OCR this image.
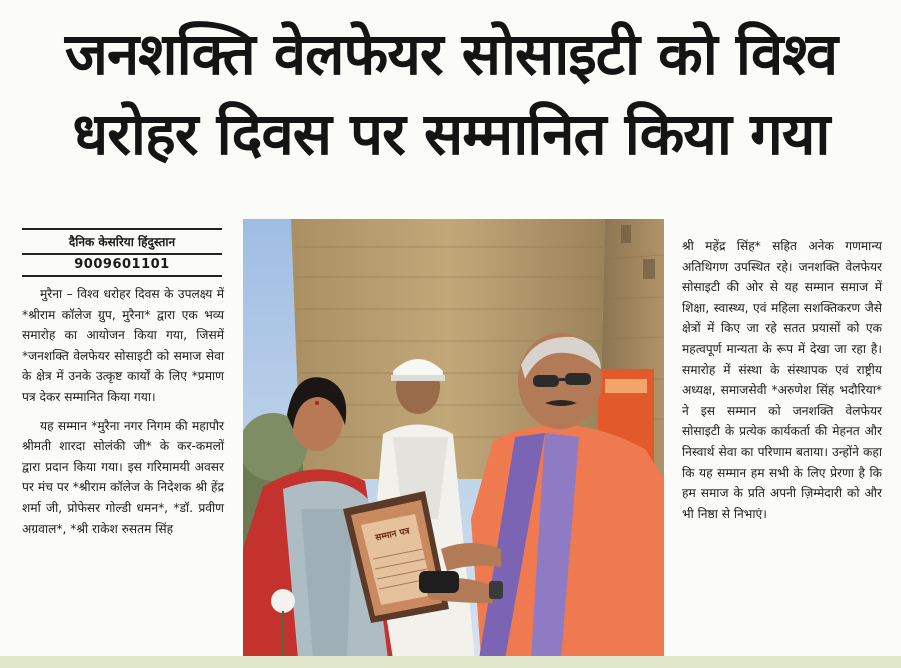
जनशक्ति वेलफेयर सोसाइटी को विश्व
धरोहर दिवस पर सम्मानित किया गया
दैनिक केसरिया हिंदुस्तान
9009601101

मुरैना – विश्व धरोहर दिवस के उपलक्ष्य में *श्रीराम कॉलेज ग्रुप, मुरैना* द्वारा एक भव्य समारोह का आयोजन किया गया, जिसमें *जनशक्ति वेलफेयर सोसाइटी को समाज सेवा के क्षेत्र में उनके उत्कृष्ट कार्यों के लिए *प्रमाण पत्र देकर सम्मानित किया गया।

यह सम्मान *मुरैना नगर निगम की महापौर श्रीमती शारदा सोलंकी जी* के कर-कमलों द्वारा प्रदान किया गया। इस गरिमामयी अवसर पर मंच पर *श्रीराम कॉलेज के निदेशक श्री हेंद्र शर्मा जी, प्रोफेसर गोल्डी धमन*, *डॉ. प्रवीण अग्रवाल*, *श्री राकेश रुसतम सिंह	सम्मान पत्र

श्री महेंद्र सिंह* सहित अनेक गणमान्य अतिथिगण उपस्थित रहे। जनशक्ति वेलफेयर सोसाइटी की ओर से यह सम्मान समाज में शिक्षा, स्वास्थ्य, एवं महिला सशक्तिकरण जैसे क्षेत्रों में किए जा रहे सतत प्रयासों को एक महत्वपूर्ण मान्यता के रूप में देखा जा रहा है। समारोह में संस्था के संस्थापक एवं राष्ट्रीय अध्यक्ष, समाजसेवी *अरुणेश सिंह भदौरिया* ने इस सम्मान को जनशक्ति वेलफेयर सोसाइटी के प्रत्येक कार्यकर्ता की मेहनत और निस्वार्थ सेवा का परिणाम बताया। उन्होंने कहा कि यह सम्मान हम सभी के लिए प्रेरणा है कि हम समाज के प्रति अपनी ज़िम्मेदारी को और भी निष्ठा से निभाएं।
